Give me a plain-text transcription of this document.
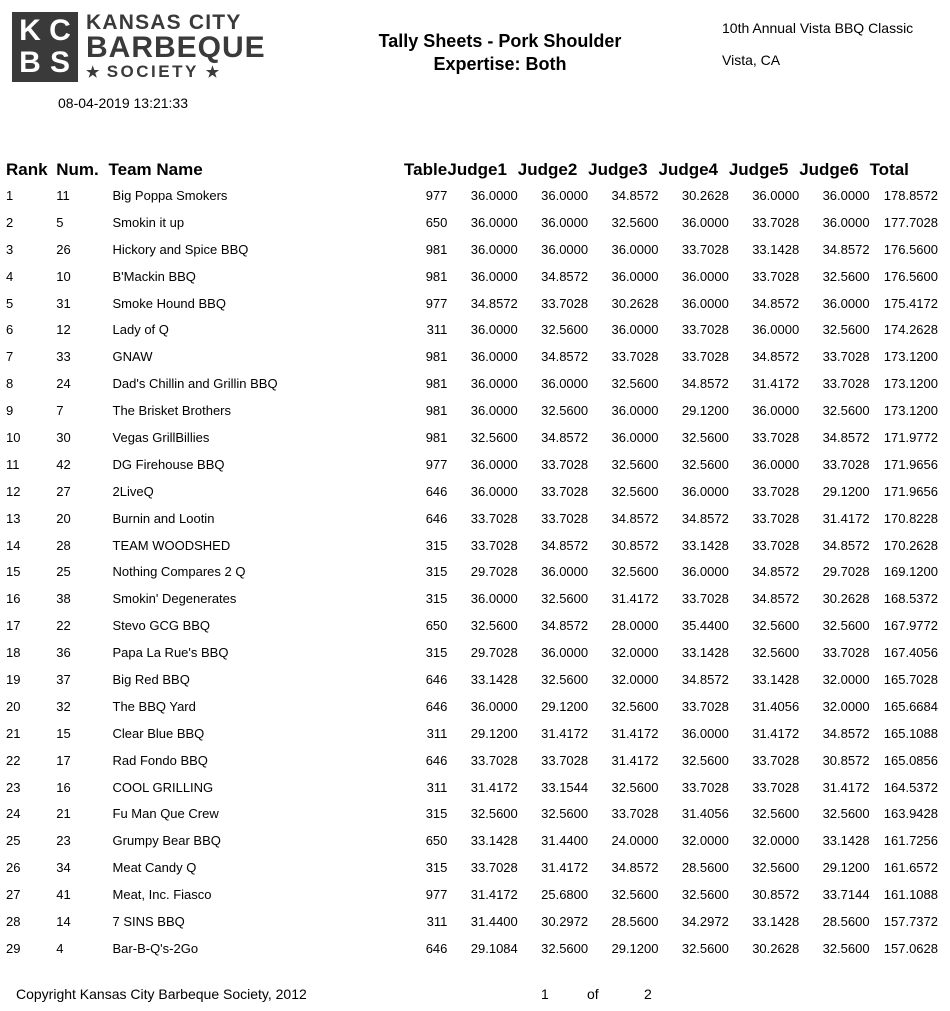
K C
B S
KANSAS CITY
BARBEQUE
★ SOCIETY ★
08-04-2019 13:21:33
Tally Sheets - Pork Shoulder
Expertise: Both
10th Annual Vista BBQ Classic
Vista, CA
Rank	Num.	Team Name	Table	Judge1	Judge2	Judge3	Judge4	Judge5	Judge6	Total
1	11	Big Poppa Smokers	977	36.0000	36.0000	34.8572	30.2628	36.0000	36.0000	178.8572
2	5	Smokin it up	650	36.0000	36.0000	32.5600	36.0000	33.7028	36.0000	177.7028
3	26	Hickory and Spice BBQ	981	36.0000	36.0000	36.0000	33.7028	33.1428	34.8572	176.5600
4	10	B'Mackin BBQ	981	36.0000	34.8572	36.0000	36.0000	33.7028	32.5600	176.5600
5	31	Smoke Hound BBQ	977	34.8572	33.7028	30.2628	36.0000	34.8572	36.0000	175.4172
6	12	Lady of Q	311	36.0000	32.5600	36.0000	33.7028	36.0000	32.5600	174.2628
7	33	GNAW	981	36.0000	34.8572	33.7028	33.7028	34.8572	33.7028	173.1200
8	24	Dad's Chillin and Grillin BBQ	981	36.0000	36.0000	32.5600	34.8572	31.4172	33.7028	173.1200
9	7	The Brisket Brothers	981	36.0000	32.5600	36.0000	29.1200	36.0000	32.5600	173.1200
10	30	Vegas GrillBillies	981	32.5600	34.8572	36.0000	32.5600	33.7028	34.8572	171.9772
11	42	DG Firehouse BBQ	977	36.0000	33.7028	32.5600	32.5600	36.0000	33.7028	171.9656
12	27	2LiveQ	646	36.0000	33.7028	32.5600	36.0000	33.7028	29.1200	171.9656
13	20	Burnin and Lootin	646	33.7028	33.7028	34.8572	34.8572	33.7028	31.4172	170.8228
14	28	TEAM WOODSHED	315	33.7028	34.8572	30.8572	33.1428	33.7028	34.8572	170.2628
15	25	Nothing Compares 2 Q	315	29.7028	36.0000	32.5600	36.0000	34.8572	29.7028	169.1200
16	38	Smokin' Degenerates	315	36.0000	32.5600	31.4172	33.7028	34.8572	30.2628	168.5372
17	22	Stevo GCG BBQ	650	32.5600	34.8572	28.0000	35.4400	32.5600	32.5600	167.9772
18	36	Papa La Rue's BBQ	315	29.7028	36.0000	32.0000	33.1428	32.5600	33.7028	167.4056
19	37	Big Red BBQ	646	33.1428	32.5600	32.0000	34.8572	33.1428	32.0000	165.7028
20	32	The BBQ Yard	646	36.0000	29.1200	32.5600	33.7028	31.4056	32.0000	165.6684
21	15	Clear Blue BBQ	311	29.1200	31.4172	31.4172	36.0000	31.4172	34.8572	165.1088
22	17	Rad Fondo BBQ	646	33.7028	33.7028	31.4172	32.5600	33.7028	30.8572	165.0856
23	16	COOL GRILLING	311	31.4172	33.1544	32.5600	33.7028	33.7028	31.4172	164.5372
24	21	Fu Man Que Crew	315	32.5600	32.5600	33.7028	31.4056	32.5600	32.5600	163.9428
25	23	Grumpy Bear BBQ	650	33.1428	31.4400	24.0000	32.0000	32.0000	33.1428	161.7256
26	34	Meat Candy Q	315	33.7028	31.4172	34.8572	28.5600	32.5600	29.1200	161.6572
27	41	Meat, Inc. Fiasco	977	31.4172	25.6800	32.5600	32.5600	30.8572	33.7144	161.1088
28	14	7 SINS BBQ	311	31.4400	30.2972	28.5600	34.2972	33.1428	28.5600	157.7372
29	4	Bar-B-Q's-2Go	646	29.1084	32.5600	29.1200	32.5600	30.2628	32.5600	157.0628
Copyright Kansas City Barbeque Society, 2012	1	of	2
